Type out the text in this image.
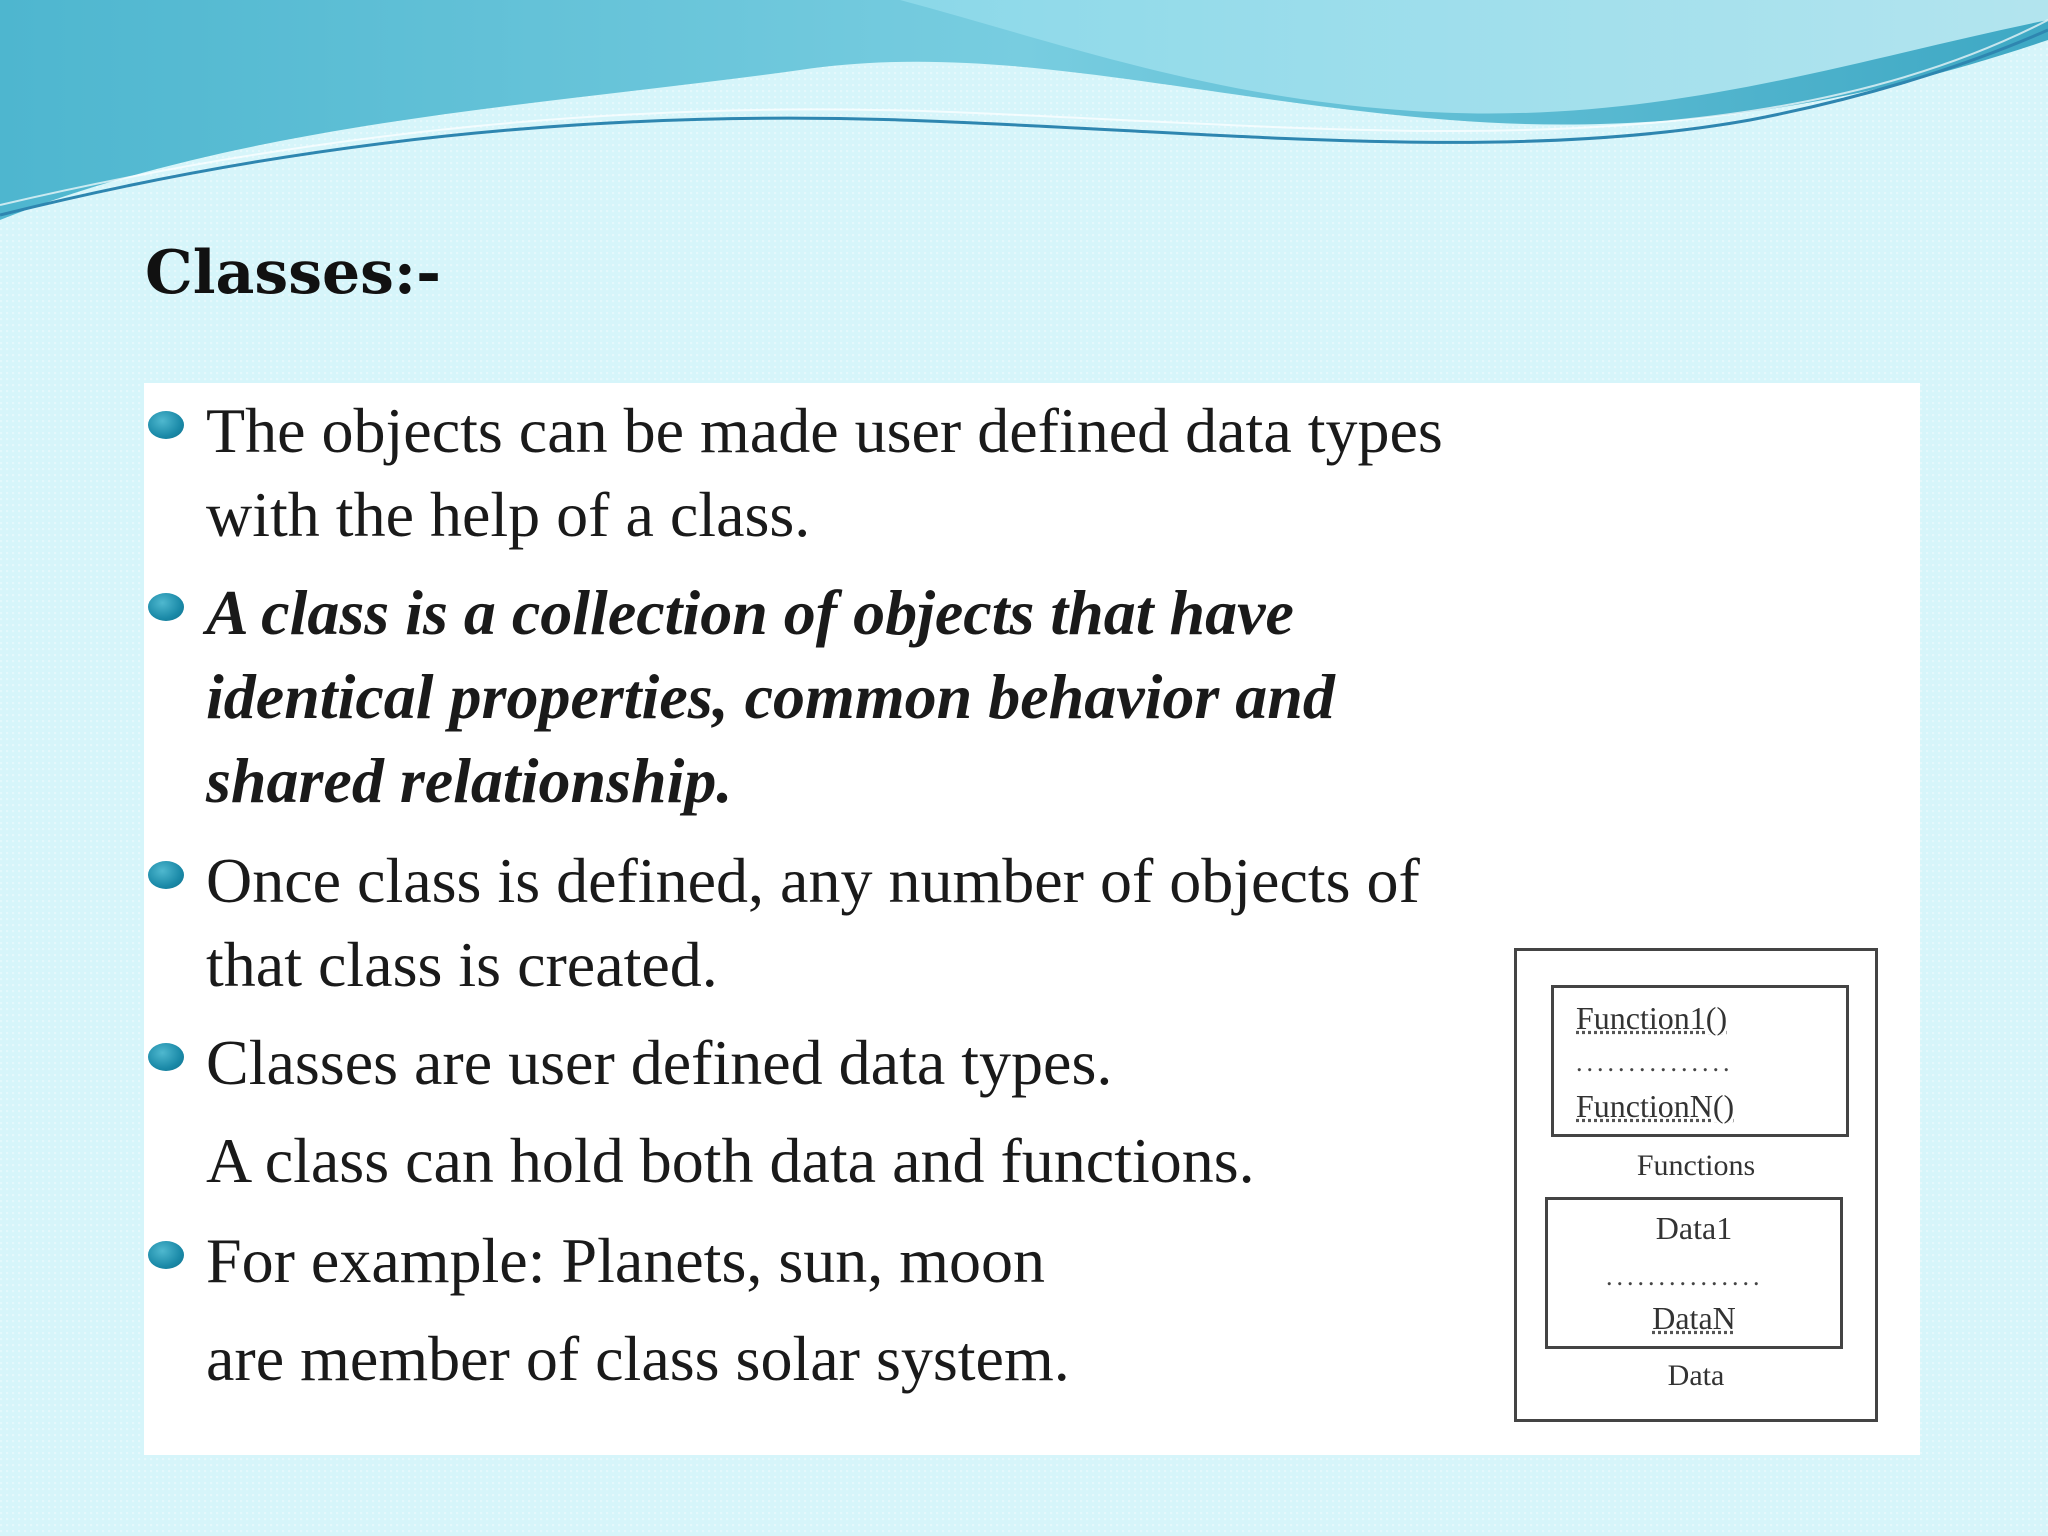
Classes:-
The objects can be made user defined data types
with the help of a class.
A class is a collection of objects that have
identical properties, common behavior and
shared relationship.
Once class is defined, any number of objects of
that class is created.
Classes are user defined data types.
A class can hold both data and functions.
For example: Planets, sun, moon
are member of class solar system.
Function1()
...............
FunctionN()
Functions
Data1
...............
DataN
Data
